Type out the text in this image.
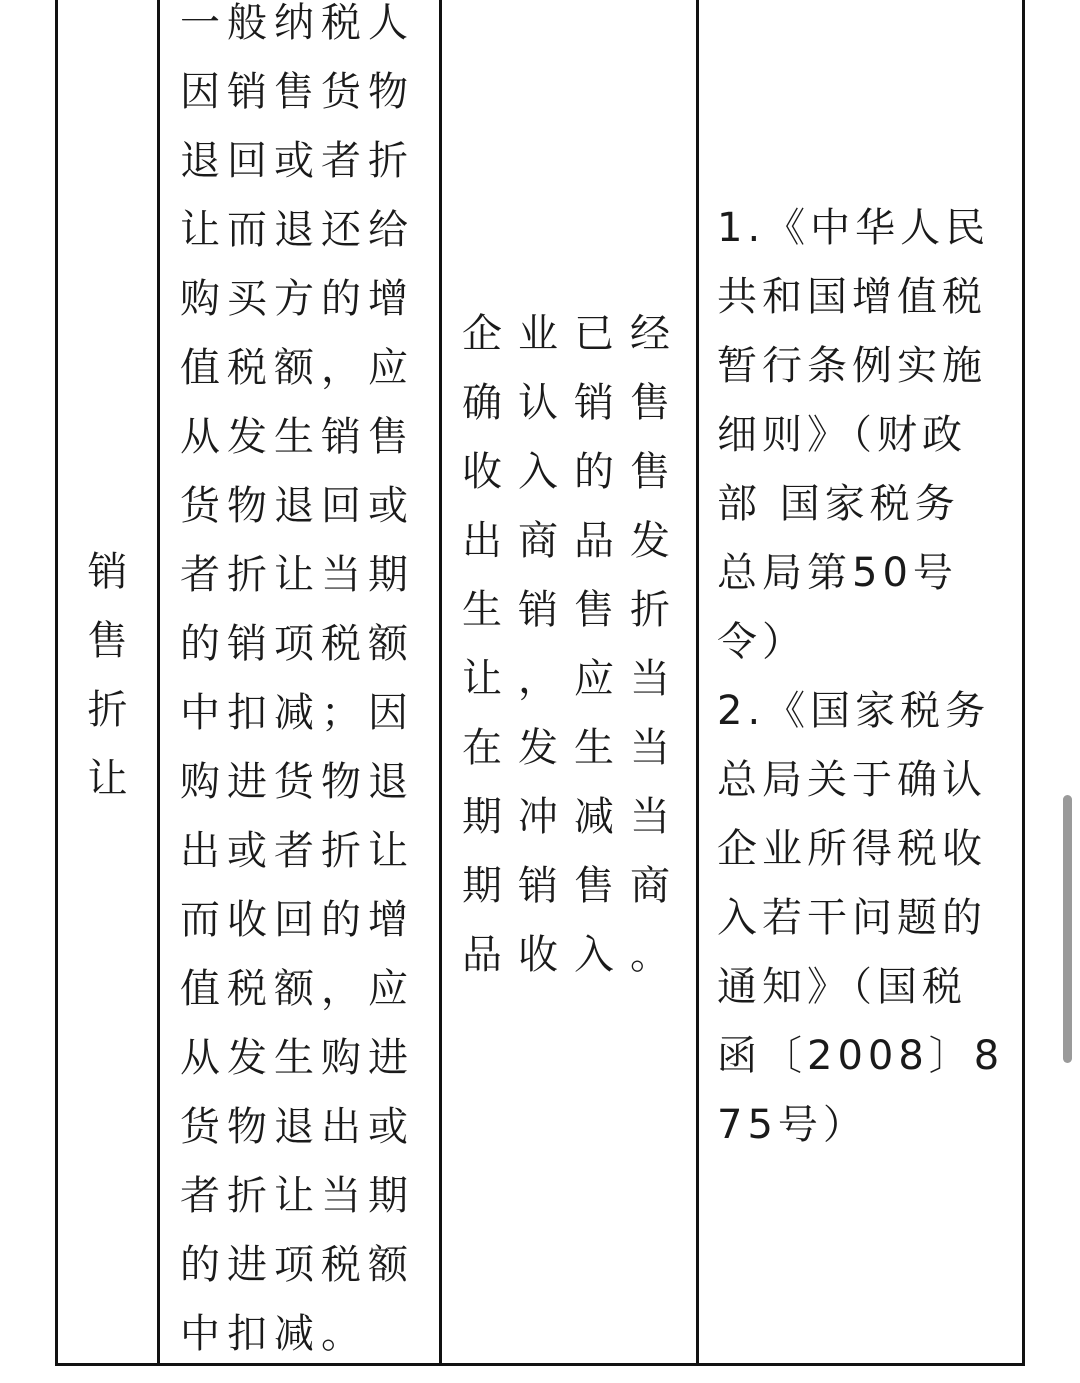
销
售
折
让
一般纳税人
因销售货物
退回或者折
让而退还给
购买方的增
值税额，应
从发生销售
货物退回或
者折让当期
的销项税额
中扣减；因
购进货物退
出或者折让
而收回的增
值税额，应
从发生购进
货物退出或
者折让当期
的进项税额
中扣减。
企业已经
确认销售
收入的售
出商品发
生销售折
让，应当
在发生当
期冲减当
期销售商
品收入。
1.《中华人民
共和国增值税
暂行条例实施
细则》（财政
部 国家税务
总局第50号
令）
2.《国家税务
总局关于确认
企业所得税收
入若干问题的
通知》（国税
函〔2008〕8
75号）
